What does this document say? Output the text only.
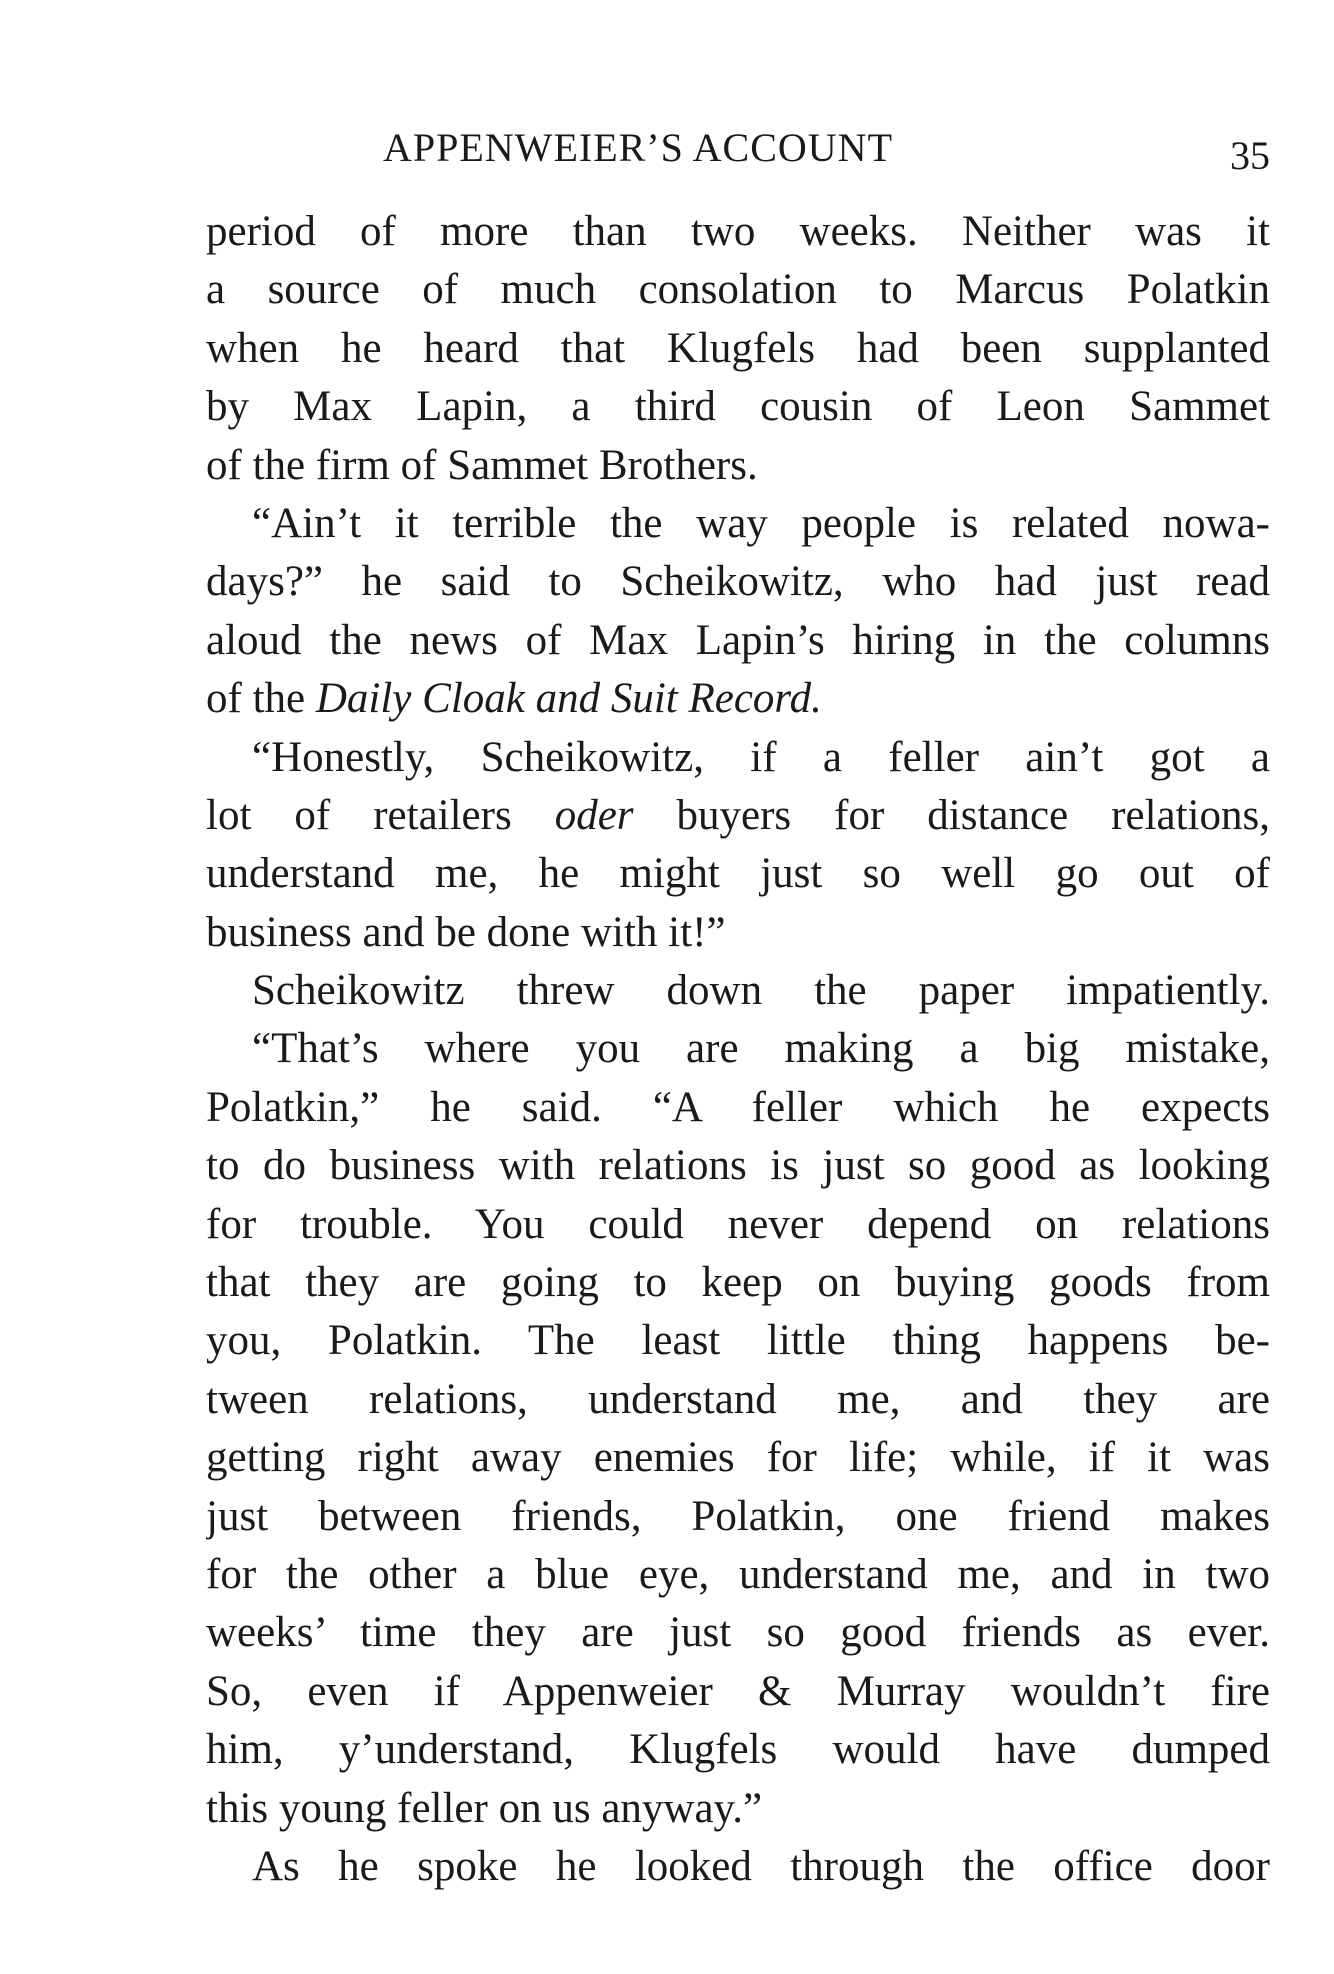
APPENWEIER’S ACCOUNT	35
period of more than two weeks. Neither was it
a source of much consolation to Marcus Polatkin
when he heard that Klugfels had been supplanted
by Max Lapin, a third cousin of Leon Sammet
of the firm of Sammet Brothers.
“Ain’t it terrible the way people is related nowa-
days?” he said to Scheikowitz, who had just read
aloud the news of Max Lapin’s hiring in the columns
of the Daily Cloak and Suit Record.
“Honestly, Scheikowitz, if a feller ain’t got a
lot of retailers oder buyers for distance relations,
understand me, he might just so well go out of
business and be done with it!”
Scheikowitz threw down the paper impatiently.
“That’s where you are making a big mistake,
Polatkin,” he said. “A feller which he expects
to do business with relations is just so good as looking
for trouble. You could never depend on relations
that they are going to keep on buying goods from
you, Polatkin. The least little thing happens be-
tween relations, understand me, and they are
getting right away enemies for life; while, if it was
just between friends, Polatkin, one friend makes
for the other a blue eye, understand me, and in two
weeks’ time they are just so good friends as ever.
So, even if Appenweier & Murray wouldn’t fire
him, y’understand, Klugfels would have dumped
this young feller on us anyway.”
As he spoke he looked through the office door
